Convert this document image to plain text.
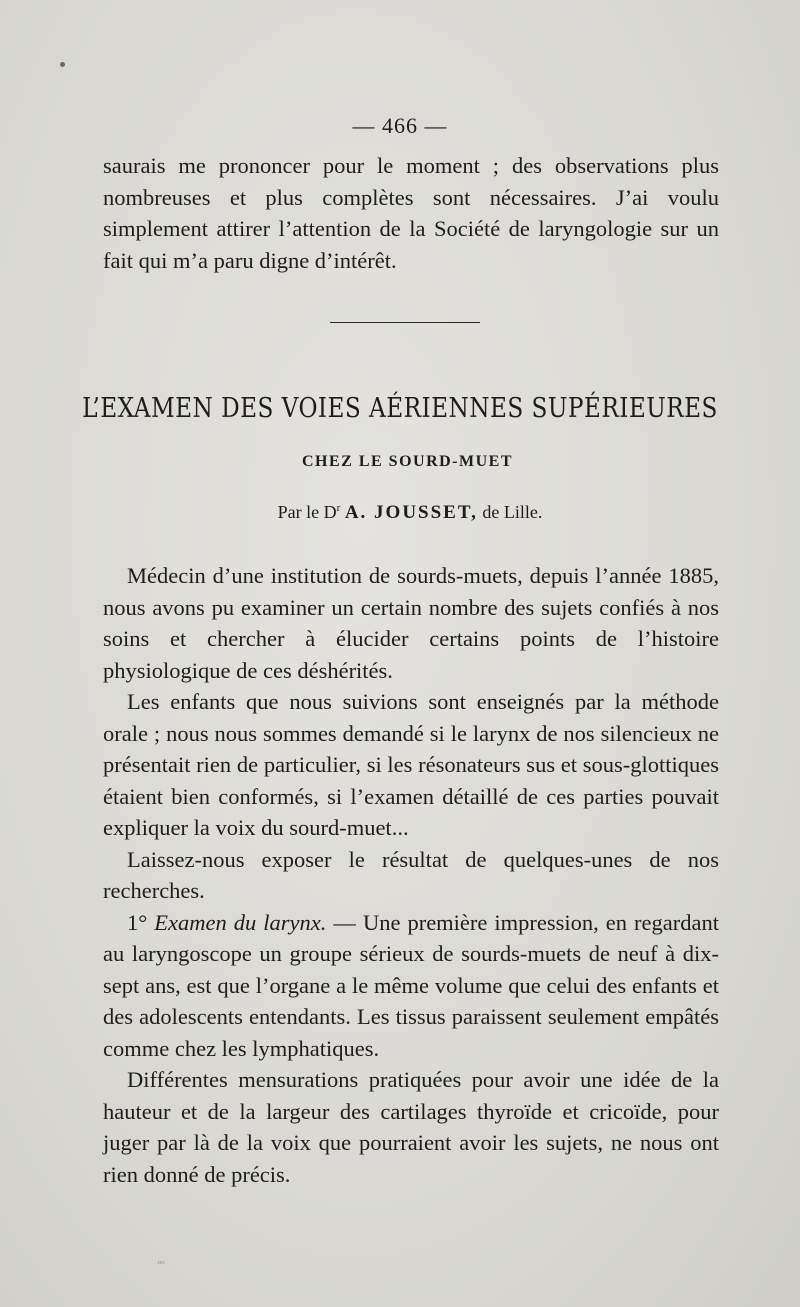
— 466 —

saurais me prononcer pour le moment ; des observations plus nombreuses et plus complètes sont nécessaires. J’ai voulu simplement attirer l’attention de la Société de laryngologie sur un fait qui m’a paru digne d’intérêt.

L’EXAMEN DES VOIES AÉRIENNES SUPÉRIEURES
CHEZ LE SOURD-MUET
Par le $D^r$ A. JOUSSET, de Lille.

Médecin d’une institution de sourds-muets, depuis l’année 1885, nous avons pu examiner un certain nombre des sujets confiés à nos soins et chercher à élucider certains points de l’histoire physiologique de ces déshérités.

Les enfants que nous suivions sont enseignés par la méthode orale ; nous nous sommes demandé si le larynx de nos silencieux ne présentait rien de particulier, si les résonateurs sus et sous-glottiques étaient bien conformés, si l’examen détaillé de ces parties pouvait expliquer la voix du sourd-muet...

Laissez-nous exposer le résultat de quelques-unes de nos recherches.

1° Examen du larynx. — Une première impression, en regardant au laryngoscope un groupe sérieux de sourds-muets de neuf à dix-sept ans, est que l’organe a le même volume que celui des enfants et des adolescents entendants. Les tissus paraissent seulement empâtés comme chez les lymphatiques.

Différentes mensurations pratiquées pour avoir une idée de la hauteur et de la largeur des cartilages thyroïde et cricoïde, pour juger par là de la voix que pourraient avoir les sujets, ne nous ont rien donné de précis.

ᵒᵒ
